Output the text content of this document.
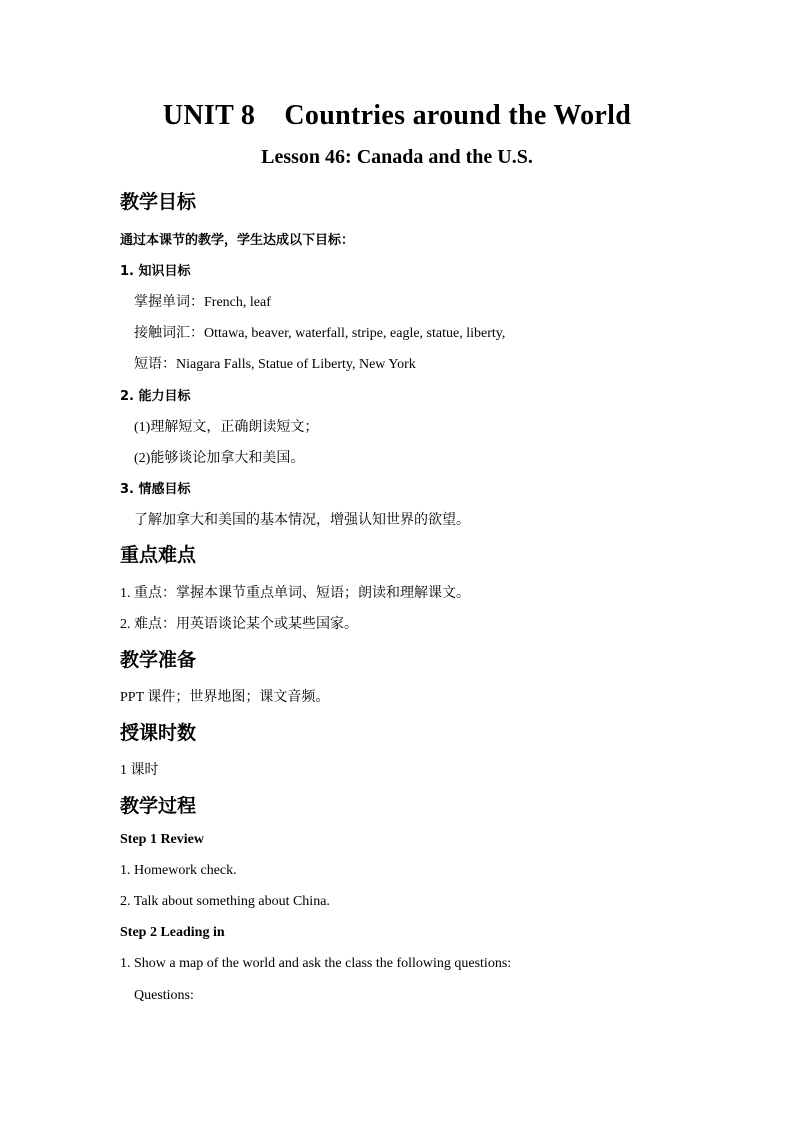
UNIT 8    Countries around the World
Lesson 46: Canada and the U.S.
教学目标
通过本课节的教学，学生达成以下目标：
1. 知识目标
掌握单词：French, leaf
接触词汇：Ottawa, beaver, waterfall, stripe, eagle, statue, liberty,
短语：Niagara Falls, Statue of Liberty, New York
2. 能力目标
(1)理解短文，正确朗读短文；
(2)能够谈论加拿大和美国。
3. 情感目标
了解加拿大和美国的基本情况，增强认知世界的欲望。
重点难点
1. 重点：掌握本课节重点单词、短语；朗读和理解课文。
2. 难点：用英语谈论某个或某些国家。
教学准备
PPT 课件；世界地图；课文音频。
授课时数
1 课时
教学过程
Step 1 Review
1. Homework check.
2. Talk about something about China.
Step 2 Leading in
1. Show a map of the world and ask the class the following questions:
Questions:
